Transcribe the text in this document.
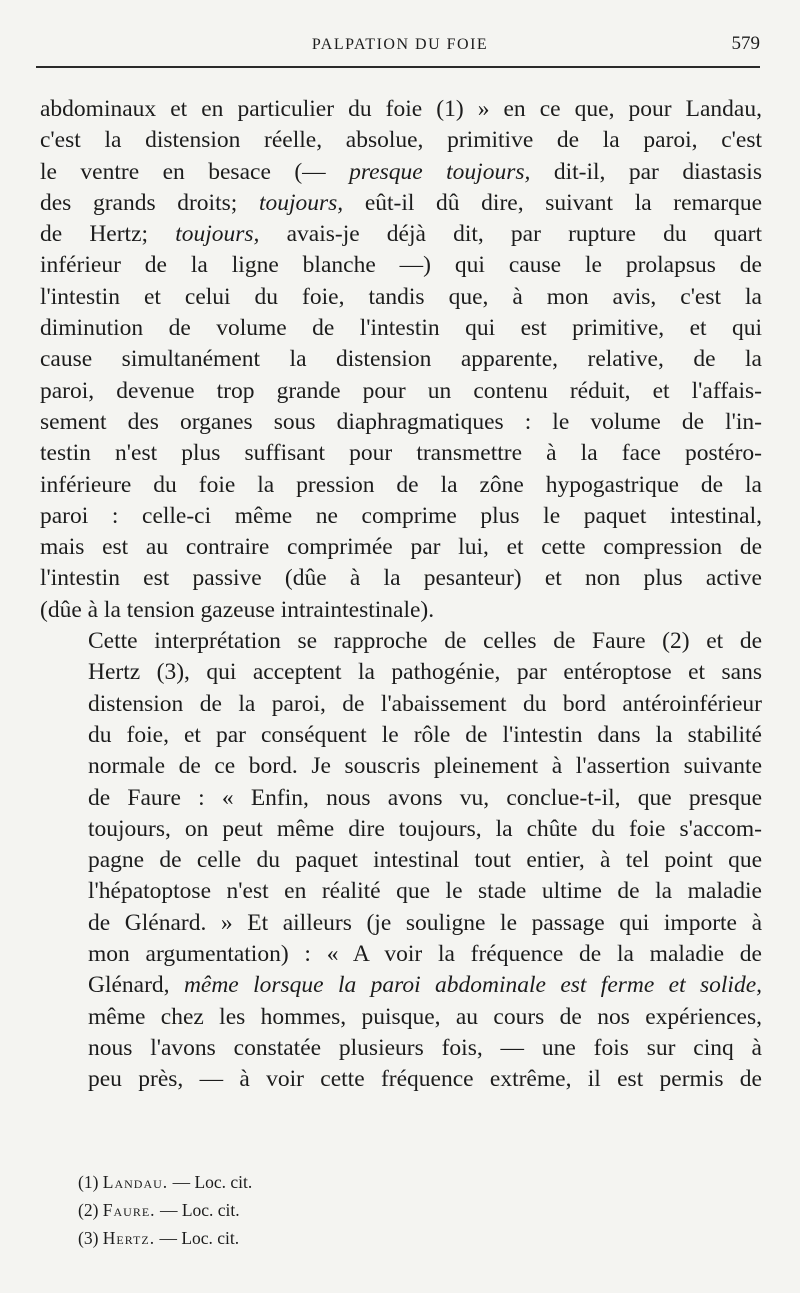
PALPATION DU FOIE	579

abdominaux et en particulier du foie (1) » en ce que, pour Landau,
c'est la distension réelle, absolue, primitive de la paroi, c'est
le ventre en besace (— presque toujours, dit-il, par diastasis
des grands droits; toujours, eût-il dû dire, suivant la remarque
de Hertz; toujours, avais-je déjà dit, par rupture du quart
inférieur de la ligne blanche —) qui cause le prolapsus de
l'intestin et celui du foie, tandis que, à mon avis, c'est la
diminution de volume de l'intestin qui est primitive, et qui
cause simultanément la distension apparente, relative, de la
paroi, devenue trop grande pour un contenu réduit, et l'affais-
sement des organes sous diaphragmatiques : le volume de l'in-
testin n'est plus suffisant pour transmettre à la face postéro-
inférieure du foie la pression de la zône hypogastrique de la
paroi : celle-ci même ne comprime plus le paquet intestinal,
mais est au contraire comprimée par lui, et cette compression de
l'intestin est passive (dûe à la pesanteur) et non plus active
(dûe à la tension gazeuse intraintestinale).

Cette interprétation se rapproche de celles de Faure (2) et de
Hertz (3), qui acceptent la pathogénie, par entéroptose et sans
distension de la paroi, de l'abaissement du bord antéroinférieur
du foie, et par conséquent le rôle de l'intestin dans la stabilité
normale de ce bord. Je souscris pleinement à l'assertion suivante
de Faure : « Enfin, nous avons vu, conclue-t-il, que presque
toujours, on peut même dire toujours, la chûte du foie s'accom-
pagne de celle du paquet intestinal tout entier, à tel point que
l'hépatoptose n'est en réalité que le stade ultime de la maladie
de Glénard. » Et ailleurs (je souligne le passage qui importe à
mon argumentation) : « A voir la fréquence de la maladie de
Glénard, même lorsque la paroi abdominale est ferme et solide,
même chez les hommes, puisque, au cours de nos expériences,
nous l'avons constatée plusieurs fois, — une fois sur cinq à
peu près, — à voir cette fréquence extrême, il est permis de

(1) Landau. — Loc. cit.
(2) Faure. — Loc. cit.
(3) Hertz. — Loc. cit.
